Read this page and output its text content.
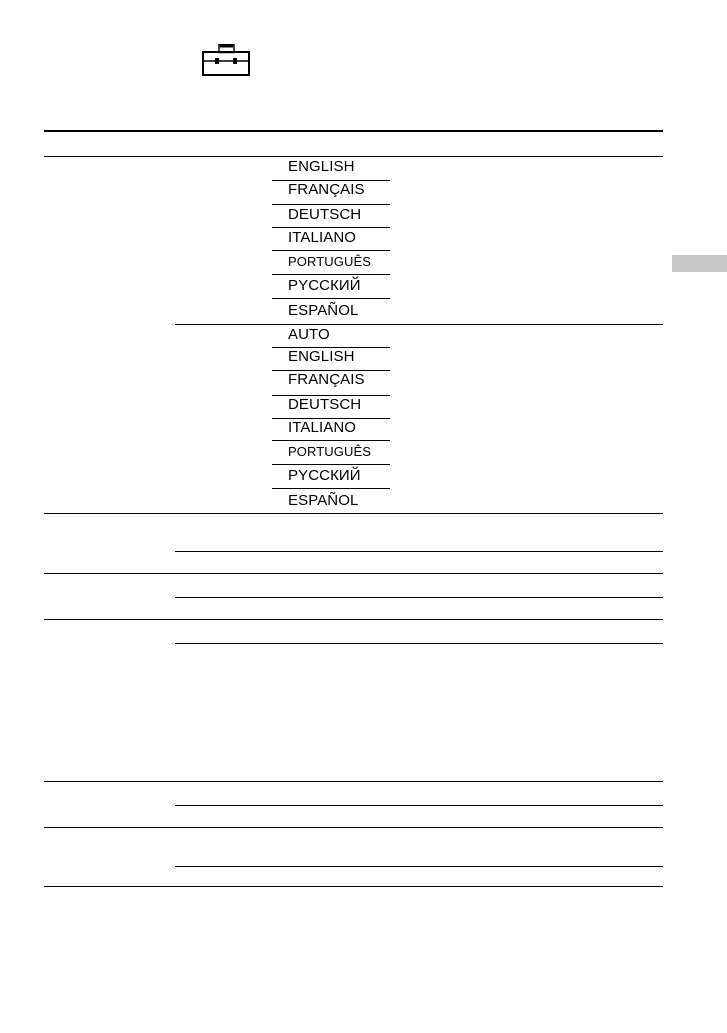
ENGLISH
FRANÇAIS
DEUTSCH
ITALIANO
PORTUGUÊS
РYCCКИЙ
ESPAÑOL
AUTO
ENGLISH
FRANÇAIS
DEUTSCH
ITALIANO
PORTUGUÊS
РYCCКИЙ
ESPAÑOL
